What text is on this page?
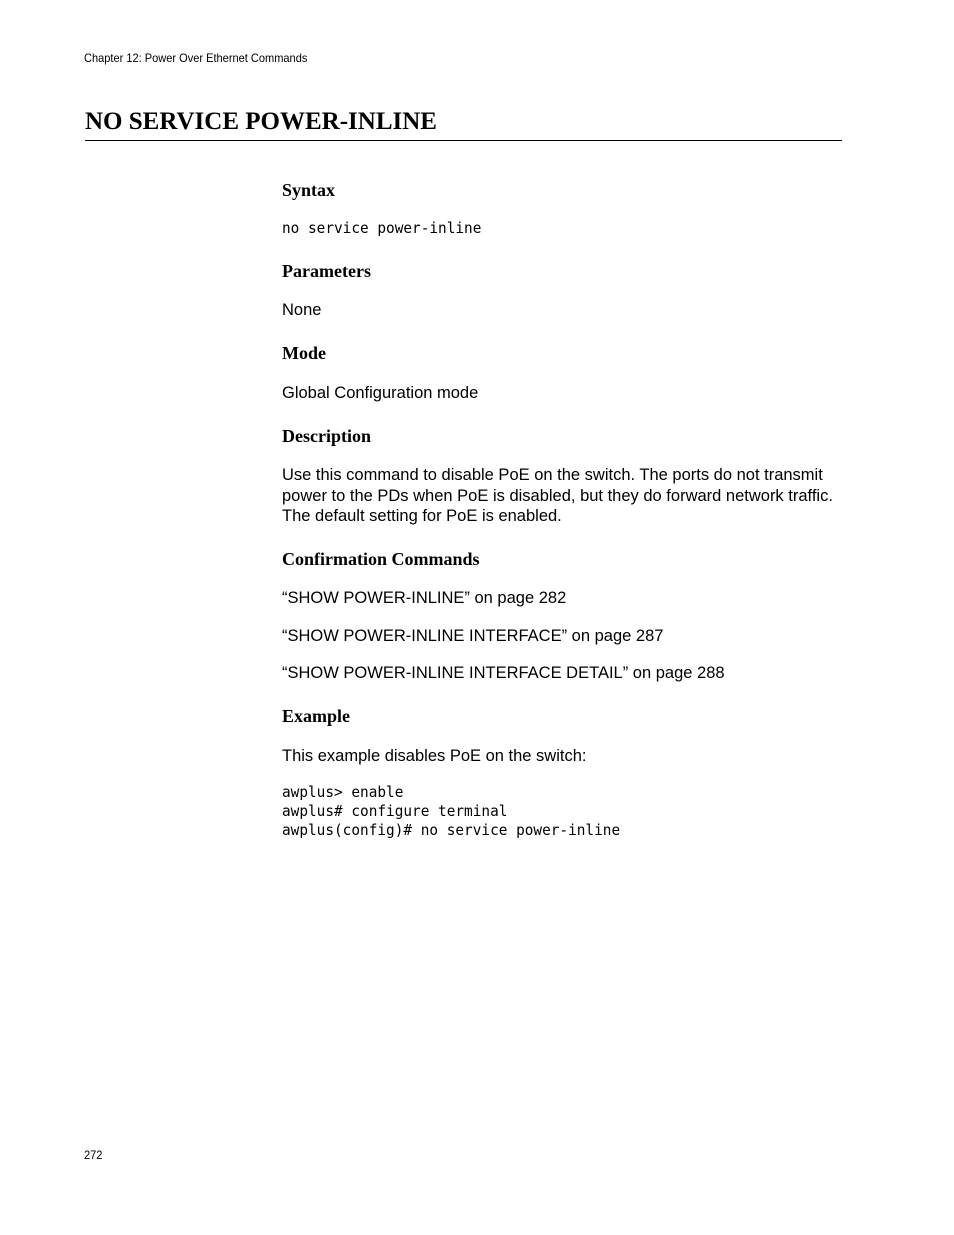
Chapter 12: Power Over Ethernet Commands
NO SERVICE POWER-INLINE
Syntax
no service power-inline
Parameters

None

Mode

Global Configuration mode

Description

Use this command to disable PoE on the switch. The ports do not transmit power to the PDs when PoE is disabled, but they do forward network traffic. The default setting for PoE is enabled.

Confirmation Commands

“SHOW POWER-INLINE” on page 282

“SHOW POWER-INLINE INTERFACE” on page 287

“SHOW POWER-INLINE INTERFACE DETAIL” on page 288

Example

This example disables PoE on the switch:

awplus> enable
awplus# configure terminal
awplus(config)# no service power-inline
272
